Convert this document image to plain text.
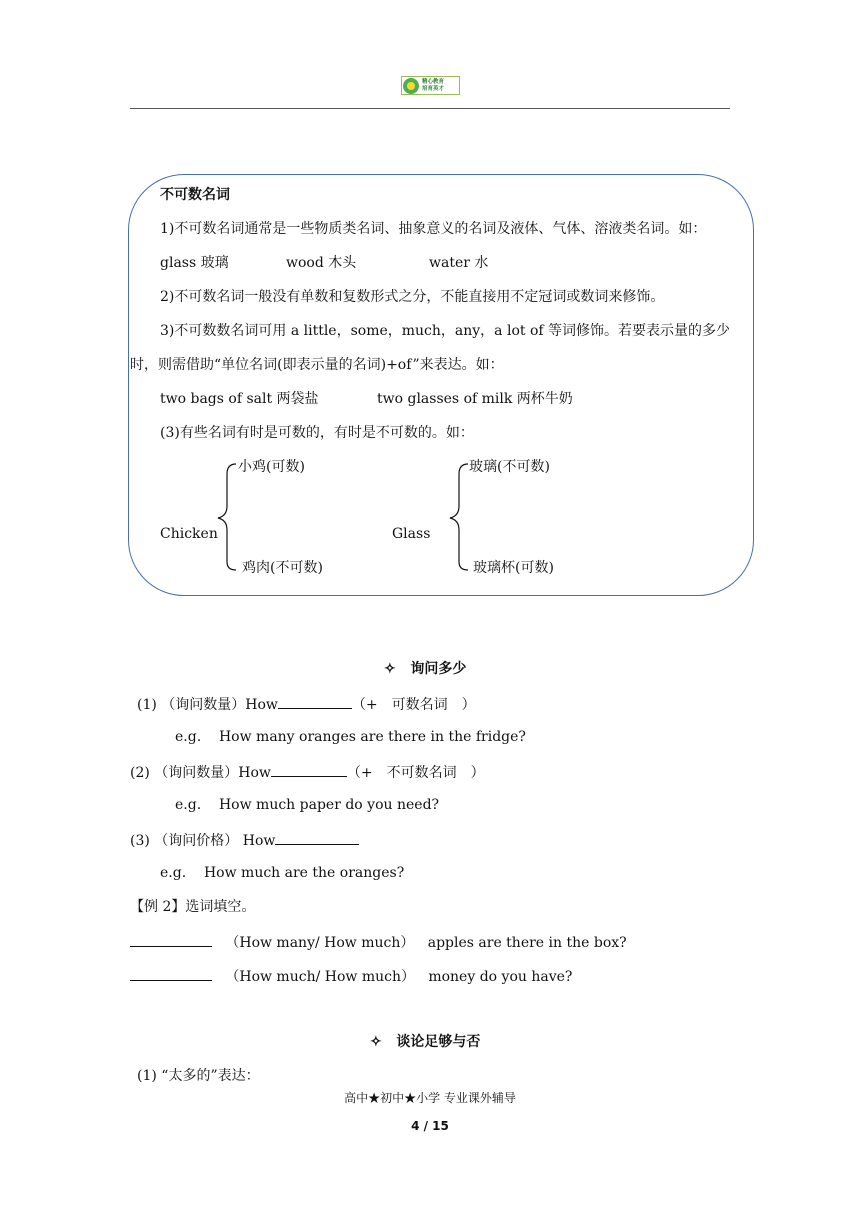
精心教育
培育英才
不可数名词
1)不可数名词通常是一些物质类名词、抽象意义的名词及液体、气体、溶液类名词。如：
glass 玻璃	wood 木头	water 水
2)不可数名词一般没有单数和复数形式之分，不能直接用不定冠词或数词来修饰。
3)不可数数名词可用 a little，some，much，any，a lot of 等词修饰。若要表示量的多少
时，则需借助“单位名词(即表示量的名词)+of”来表达。如：
two bags of salt 两袋盐	two glasses of milk 两杯牛奶
(3)有些名词有时是可数的，有时是不可数的。如：
小鸡(可数)
Chicken
鸡肉(不可数)
玻璃(不可数)
Glass
玻璃杯(可数)
✧ 询问多少
(1) （询问数量）How	（+　可数名词　）
e.g. How many oranges are there in the fridge?
(2) （询问数量）How	（+　不可数名词　）
e.g. How much paper do you need?
(3) （询问价格） How
e.g. How much are the oranges?
【例 2】选词填空。
（How many/ How much） apples are there in the box?
（How much/ How much） money do you have?
✧ 谈论足够与否
(1) “太多的”表达：
高中★初中★小学 专业课外辅导
4 / 15
